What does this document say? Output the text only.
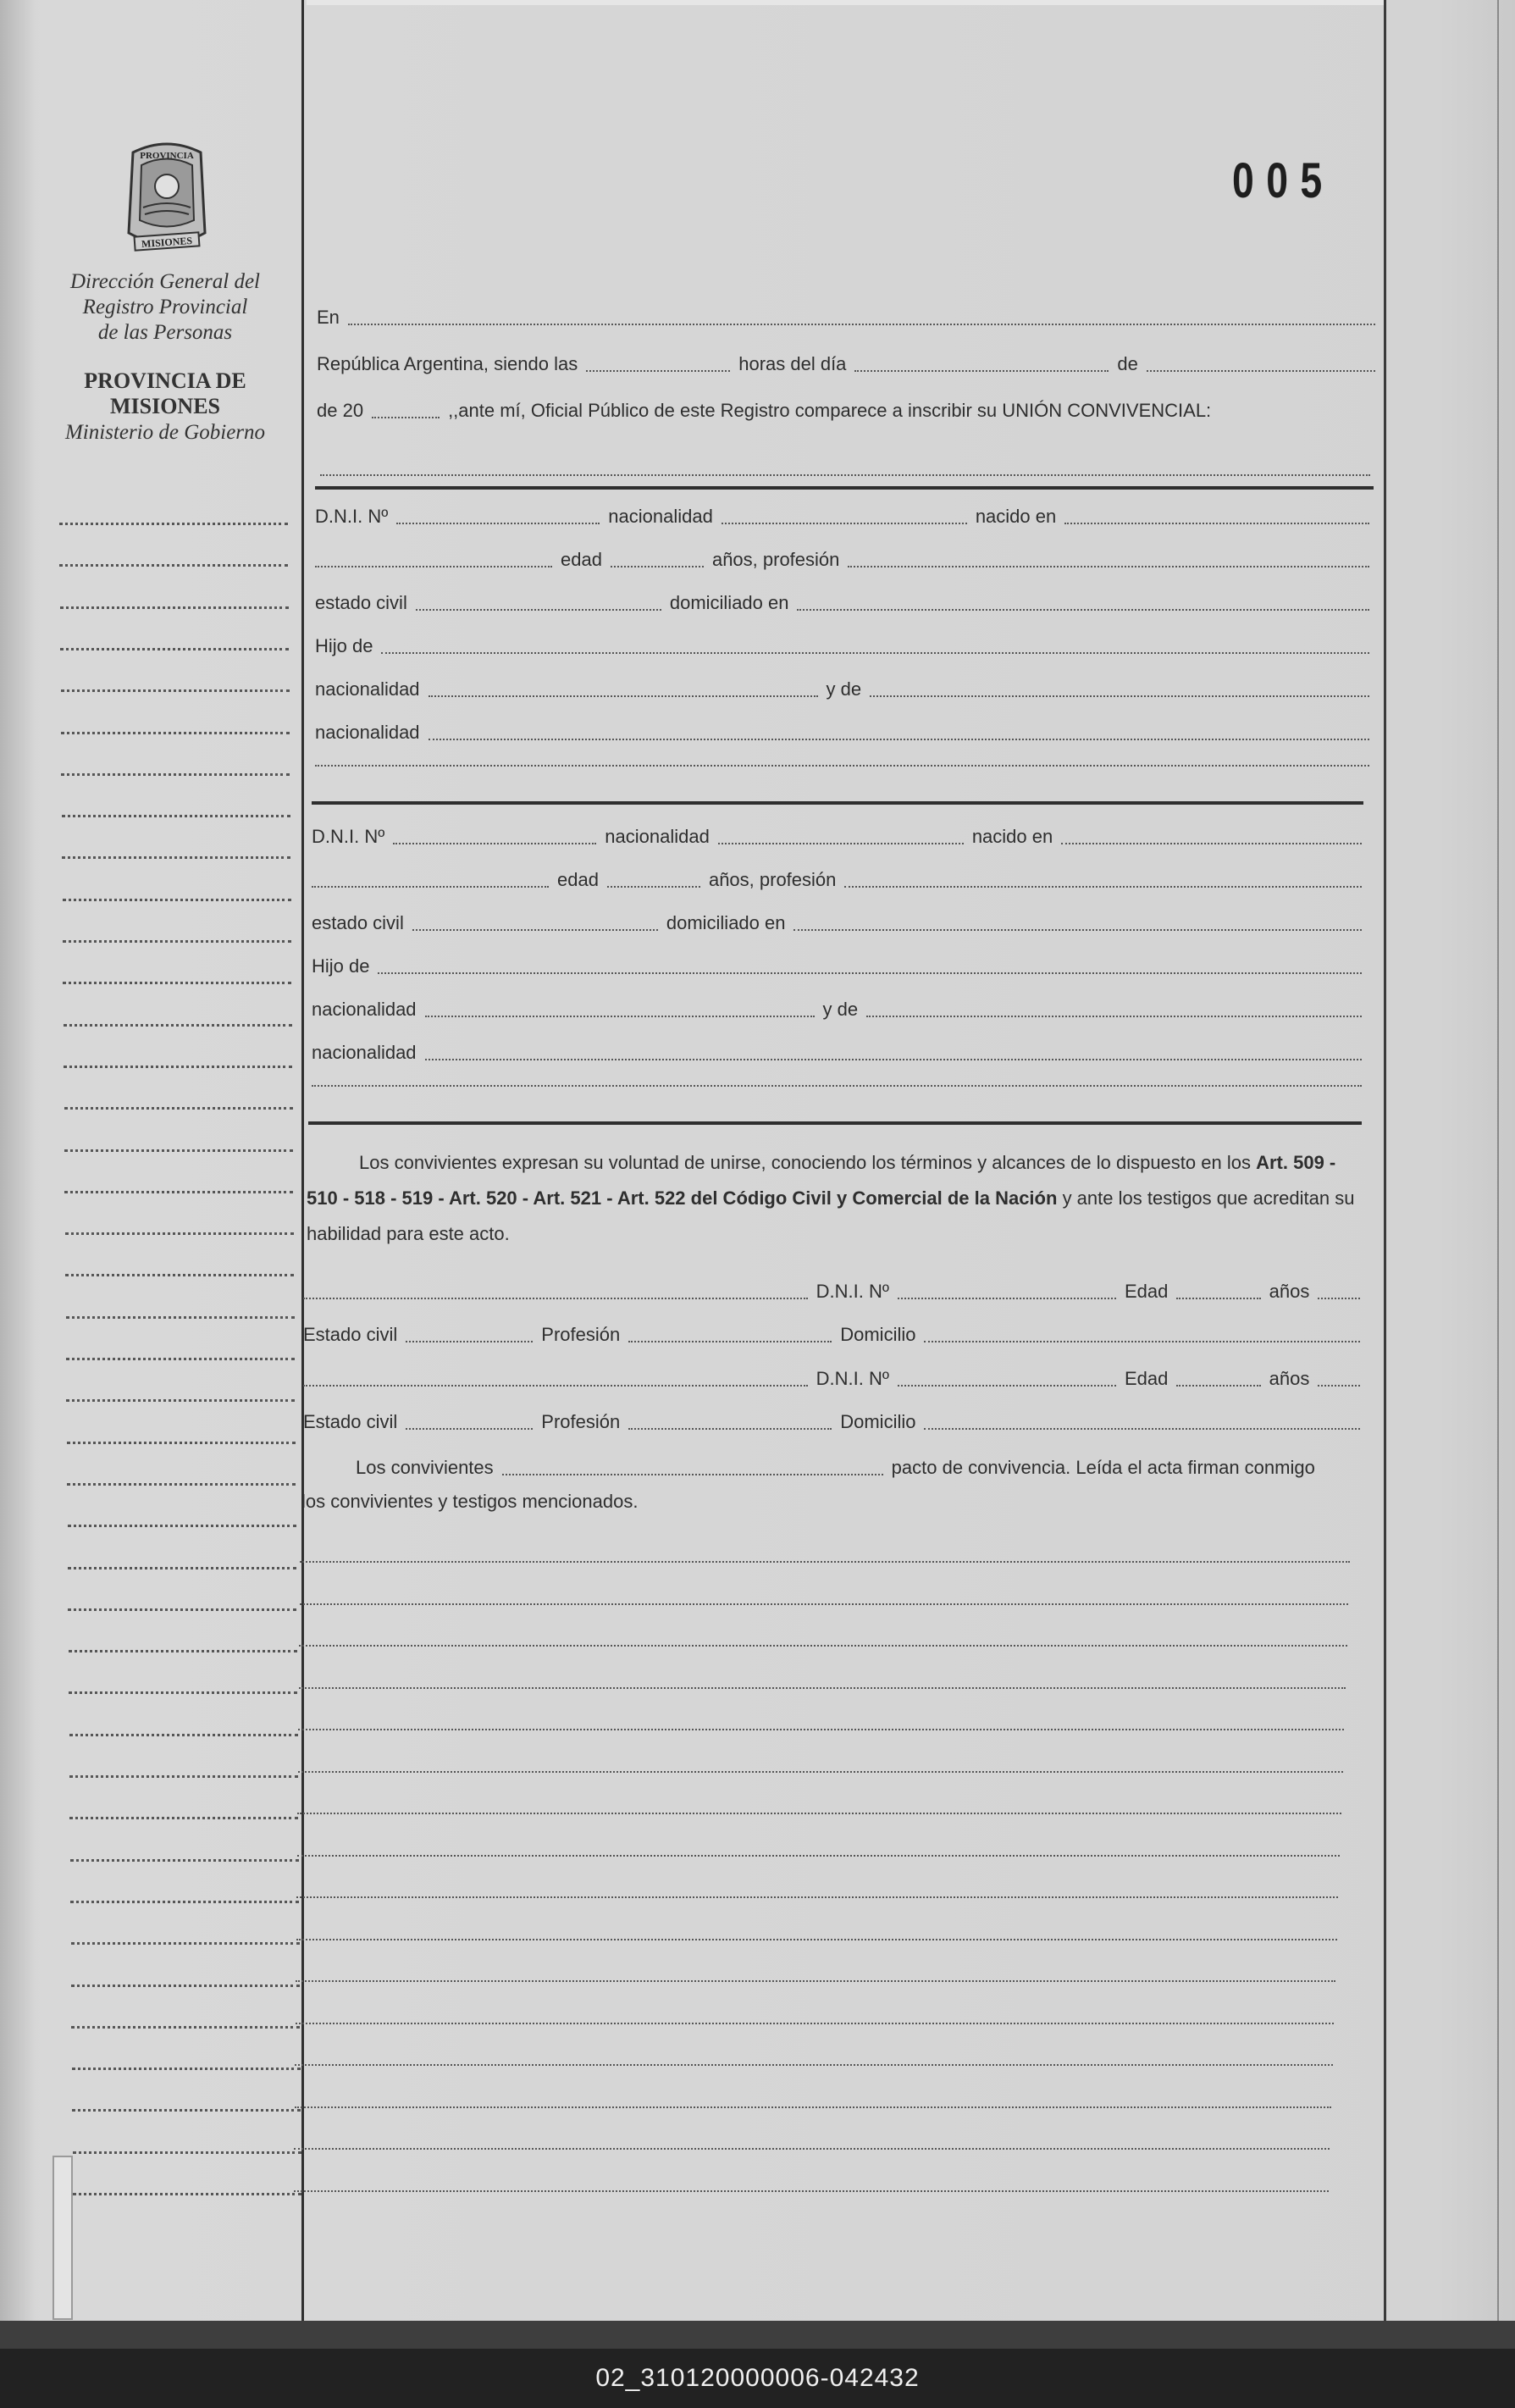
PROVINCIA
MISIONES
Dirección General del
Registro Provincial
de las Personas
PROVINCIA DE
MISIONES
Ministerio de Gobierno
005
En
República Argentina, siendo las	horas del día	de
de 20	,,ante mí, Oficial Público de este Registro comparece a inscribir su UNIÓN CONVIVENCIAL:
D.N.I. Nº	nacionalidad	nacido en
edad	años, profesión
estado civil	domiciliado en
Hijo de
nacionalidad	y de
nacionalidad
D.N.I. Nº	nacionalidad	nacido en
edad	años, profesión
estado civil	domiciliado en
Hijo de
nacionalidad	y de
nacionalidad
Los convivientes expresan su voluntad de unirse, conociendo los términos y alcances de lo dispuesto en los Art. 509 - 510 - 518 - 519 - Art. 520 - Art. 521 - Art. 522 del Código Civil y Comercial de la Nación y ante los testigos que acreditan su habilidad para este acto.
D.N.I. Nº	Edad	años
Estado civil	Profesión	Domicilio
D.N.I. Nº	Edad	años
Estado civil	Profesión	Domicilio
Los convivientes	pacto de convivencia. Leída el acta firman conmigo
los convivientes y testigos mencionados.
02_310120000006-042432
